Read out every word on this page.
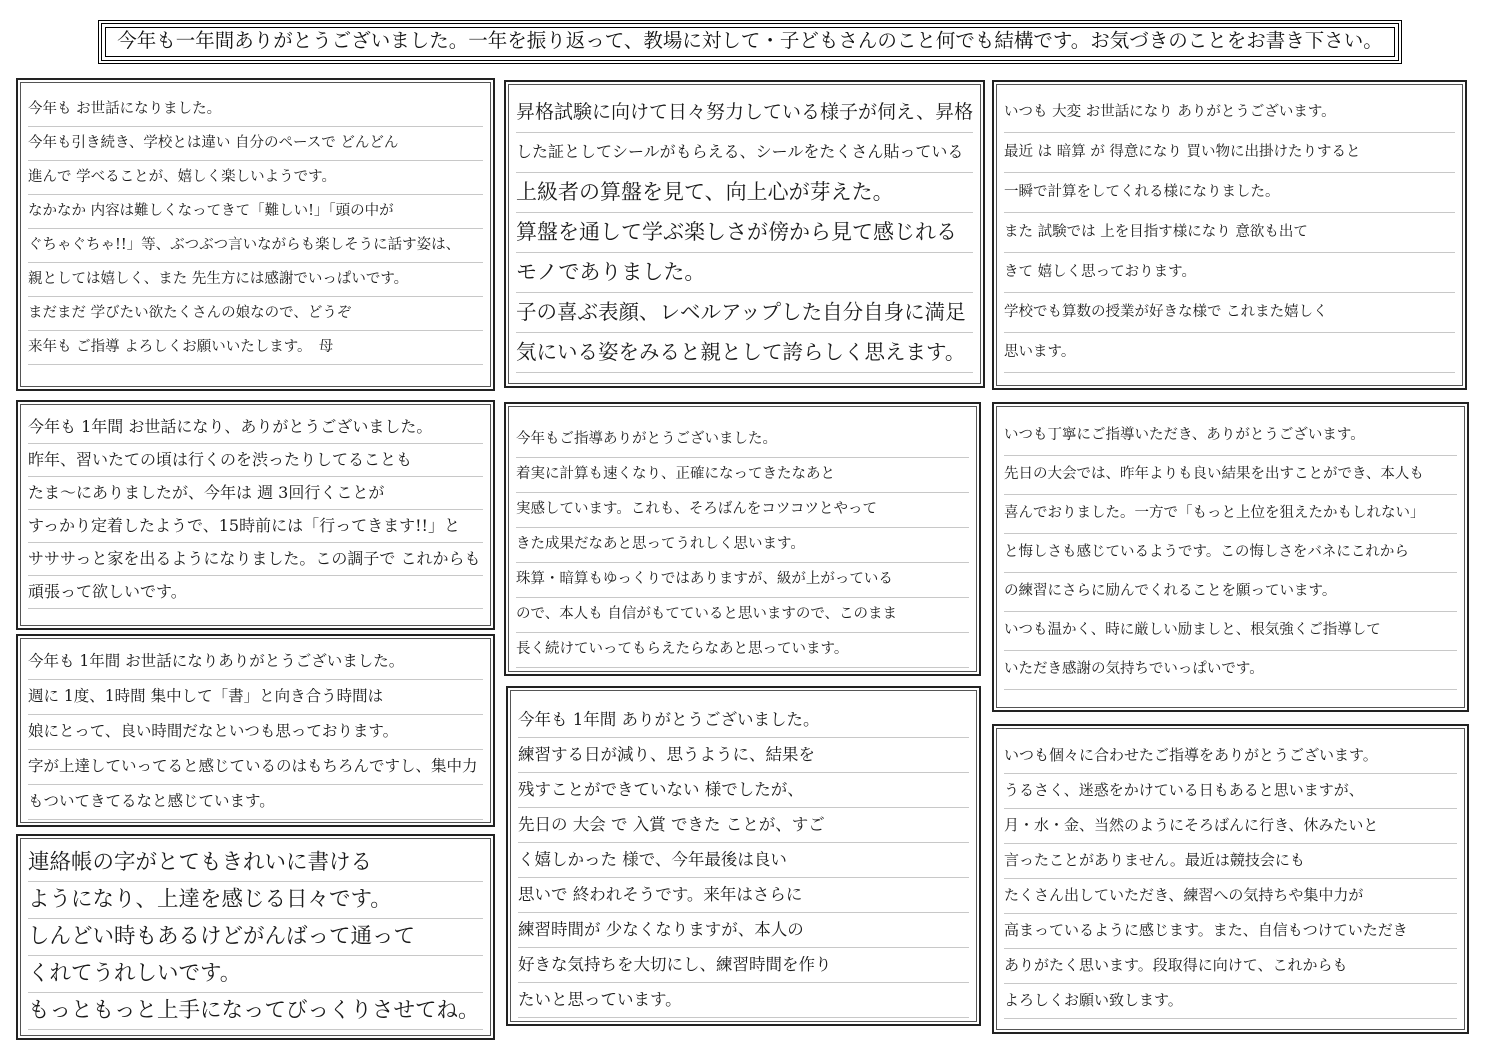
今年も一年間ありがとうございました。一年を振り返って、教場に対して・子どもさんのこと何でも結構です。お気づきのことをお書き下さい。
今年も お世話になりました。
今年も引き続き、学校とは違い 自分のペースで どんどん
進んで 学べることが、嬉しく楽しいようです。
なかなか 内容は難しくなってきて「難しい!」「頭の中が
ぐちゃぐちゃ!!」等、ぶつぶつ言いながらも楽しそうに話す姿は、
親としては嬉しく、また 先生方には感謝でいっぱいです。
まだまだ 学びたい欲たくさんの娘なので、どうぞ
来年も ご指導 よろしくお願いいたします。　母
昇格試験に向けて日々努力している様子が伺え、昇格
した証としてシールがもらえる、シールをたくさん貼っている
上級者の算盤を見て、向上心が芽えた。
算盤を通して学ぶ楽しさが傍から見て感じれる
モノでありました。
子の喜ぶ表顔、レベルアップした自分自身に満足
気にいる姿をみると親として誇らしく思えます。
いつも 大変 お世話になり ありがとうございます。
最近 は 暗算 が 得意になり 買い物に出掛けたりすると
一瞬で計算をしてくれる様になりました。
また 試験では 上を目指す様になり 意欲も出て
きて 嬉しく思っております。
学校でも算数の授業が好きな様で これまた嬉しく
思います。
今年も 1年間 お世話になり、ありがとうございました。
昨年、習いたての頃は行くのを渋ったりしてることも
たま〜にありましたが、今年は 週 3回行くことが
すっかり定着したようで、15時前には「行ってきます!!」と
サササっと家を出るようになりました。この調子で これからも
頑張って欲しいです。
今年もご指導ありがとうございました。
着実に計算も速くなり、正確になってきたなあと
実感しています。これも、そろばんをコツコツとやって
きた成果だなあと思ってうれしく思います。
珠算・暗算もゆっくりではありますが、級が上がっている
ので、本人も 自信がもてていると思いますので、このまま
長く続けていってもらえたらなあと思っています。
いつも丁寧にご指導いただき、ありがとうございます。
先日の大会では、昨年よりも良い結果を出すことができ、本人も
喜んでおりました。一方で「もっと上位を狙えたかもしれない」
と悔しさも感じているようです。この悔しさをバネにこれから
の練習にさらに励んでくれることを願っています。
いつも温かく、時に厳しい励ましと、根気強くご指導して
いただき感謝の気持ちでいっぱいです。
今年も 1年間 お世話になりありがとうございました。
週に 1度、1時間 集中して「書」と向き合う時間は
娘にとって、良い時間だなといつも思っております。
字が上達していってると感じているのはもちろんですし、集中力
もついてきてるなと感じています。
今年も 1年間 ありがとうございました。
練習する日が減り、思うように、結果を
残すことができていない 様でしたが、
先日の 大会 で 入賞 できた ことが、すご
く嬉しかった 様で、今年最後は良い
思いで 終われそうです。来年はさらに
練習時間が 少なくなりますが、本人の
好きな気持ちを大切にし、練習時間を作り
たいと思っています。
いつも個々に合わせたご指導をありがとうございます。
うるさく、迷惑をかけている日もあると思いますが、
月・水・金、当然のようにそろばんに行き、休みたいと
言ったことがありません。最近は競技会にも
たくさん出していただき、練習への気持ちや集中力が
高まっているように感じます。また、自信もつけていただき
ありがたく思います。段取得に向けて、これからも
よろしくお願い致します。
連絡帳の字がとてもきれいに書ける
ようになり、上達を感じる日々です。
しんどい時もあるけどがんばって通って
くれてうれしいです。
もっともっと上手になってびっくりさせてね。
